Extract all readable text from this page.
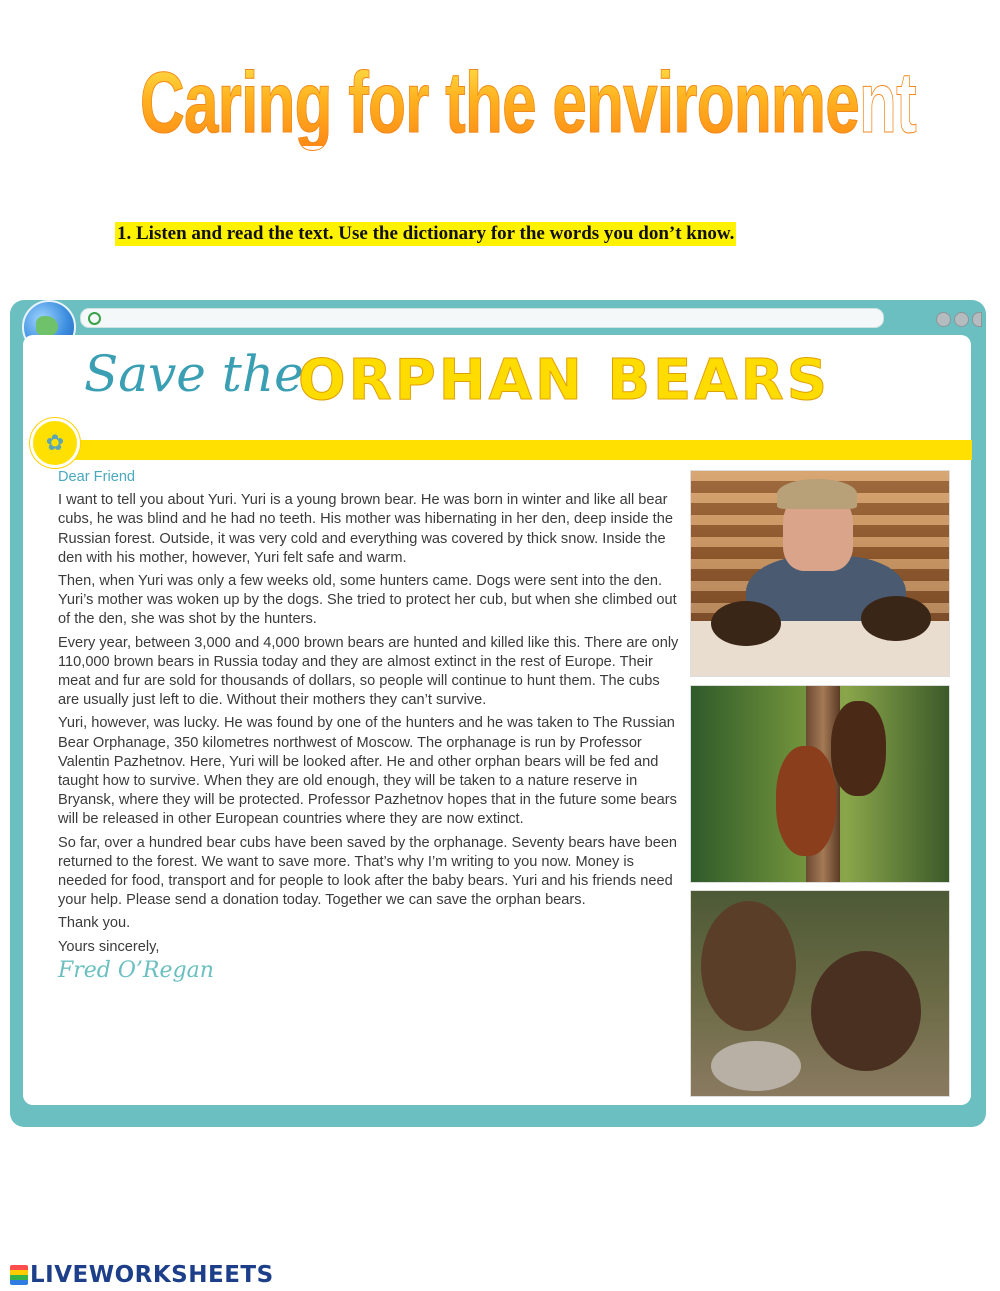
Caring for the environment
1. Listen and read the text. Use the dictionary for the words you don’t know.
Save the
ORPHAN BEARS
✿

Dear Friend

I want to tell you about Yuri. Yuri is a young brown bear. He was born in winter and like all bear cubs, he was blind and he had no teeth. His mother was hibernating in her den, deep inside the Russian forest. Outside, it was very cold and everything was covered by thick snow. Inside the den with his mother, however, Yuri felt safe and warm.

Then, when Yuri was only a few weeks old, some hunters came. Dogs were sent into the den. Yuri’s mother was woken up by the dogs. She tried to protect her cub, but when she climbed out of the den, she was shot by the hunters.

Every year, between 3,000 and 4,000 brown bears are hunted and killed like this. There are only 110,000 brown bears in Russia today and they are almost extinct in the rest of Europe. Their meat and fur are sold for thousands of dollars, so people will continue to hunt them. The cubs are usually just left to die. Without their mothers they can’t survive.

Yuri, however, was lucky. He was found by one of the hunters and he was taken to The Russian Bear Orphanage, 350 kilometres northwest of Moscow. The orphanage is run by Professor Valentin Pazhetnov. Here, Yuri will be looked after. He and other orphan bears will be fed and taught how to survive. When they are old enough, they will be taken to a nature reserve in Bryansk, where they will be protected. Professor Pazhetnov hopes that in the future some bears will be released in other European countries where they are now extinct.

So far, over a hundred bear cubs have been saved by the orphanage. Seventy bears have been returned to the forest. We want to save more. That’s why I’m writing to you now. Money is needed for food, transport and for people to look after the baby bears. Yuri and his friends need your help. Please send a donation today. Together we can save the orphan bears.

Thank you.

Yours sincerely,

Fred O’Regan
LIVEWORKSHEETS
